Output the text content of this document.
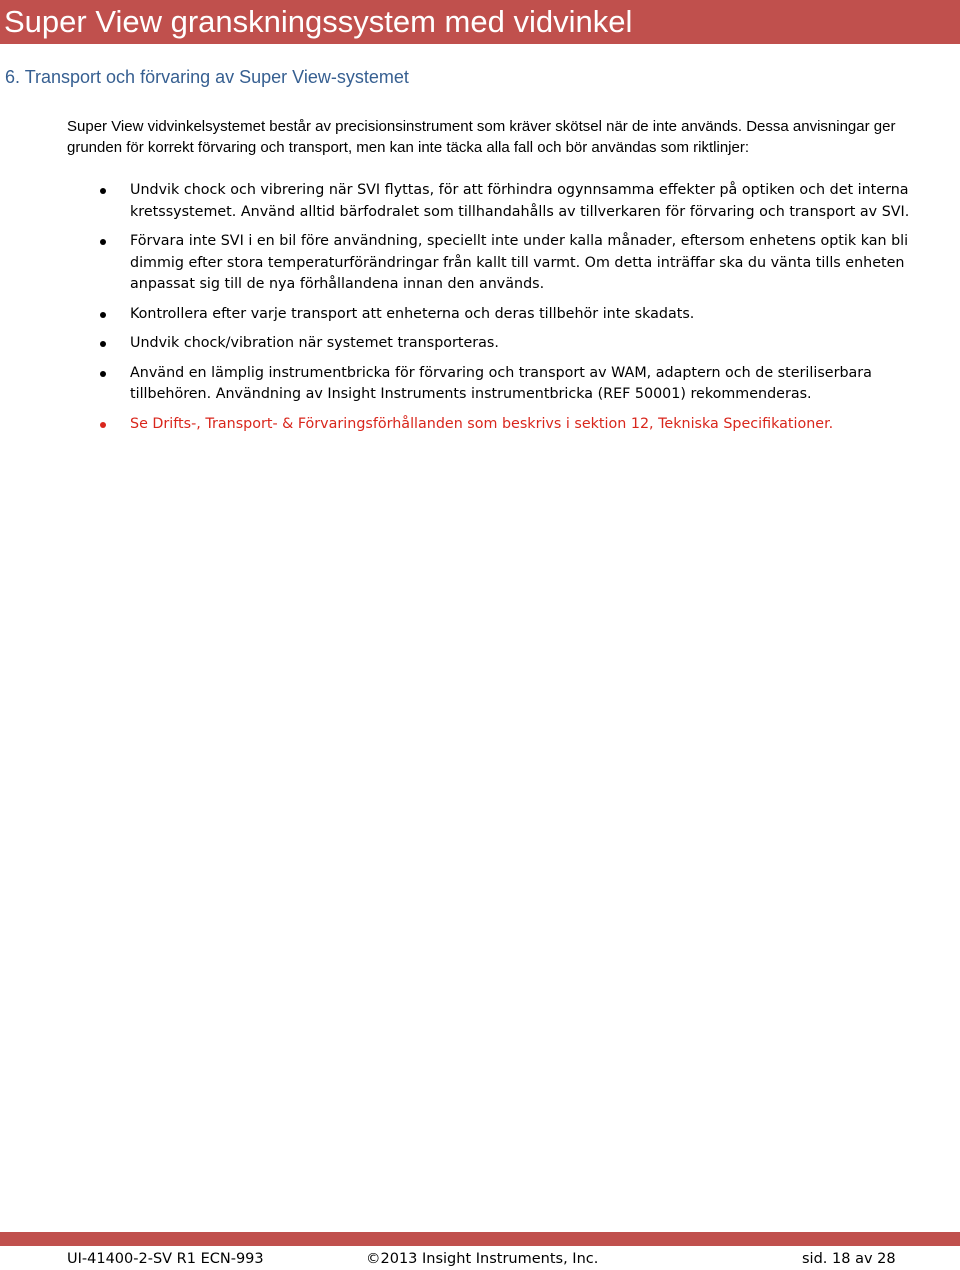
Super View granskningssystem med vidvinkel
6. Transport och förvaring av Super View-systemet

Super View vidvinkelsystemet består av precisionsinstrument som kräver skötsel när de inte används. Dessa anvisningar ger grunden för korrekt förvaring och transport, men kan inte täcka alla fall och bör användas som riktlinjer:

Undvik chock och vibrering när SVI flyttas, för att förhindra ogynnsamma effekter på optiken och det interna kretssystemet. Använd alltid bärfodralet som tillhandahålls av tillverkaren för förvaring och transport av SVI.
Förvara inte SVI i en bil före användning, speciellt inte under kalla månader, eftersom enhetens optik kan bli dimmig efter stora temperaturförändringar från kallt till varmt. Om detta inträffar ska du vänta tills enheten anpassat sig till de nya förhållandena innan den används.
Kontrollera efter varje transport att enheterna och deras tillbehör inte skadats.
Undvik chock/vibration när systemet transporteras.
Använd en lämplig instrumentbricka för förvaring och transport av WAM, adaptern och de steriliserbara tillbehören. Användning av Insight Instruments instrumentbricka (REF 50001) rekommenderas.
Se Drifts-, Transport- & Förvaringsförhållanden som beskrivs i sektion 12, Tekniska Specifikationer.
UI-41400-2-SV R1 ECN-993	©2013 Insight Instruments, Inc.	sid. 18 av 28
